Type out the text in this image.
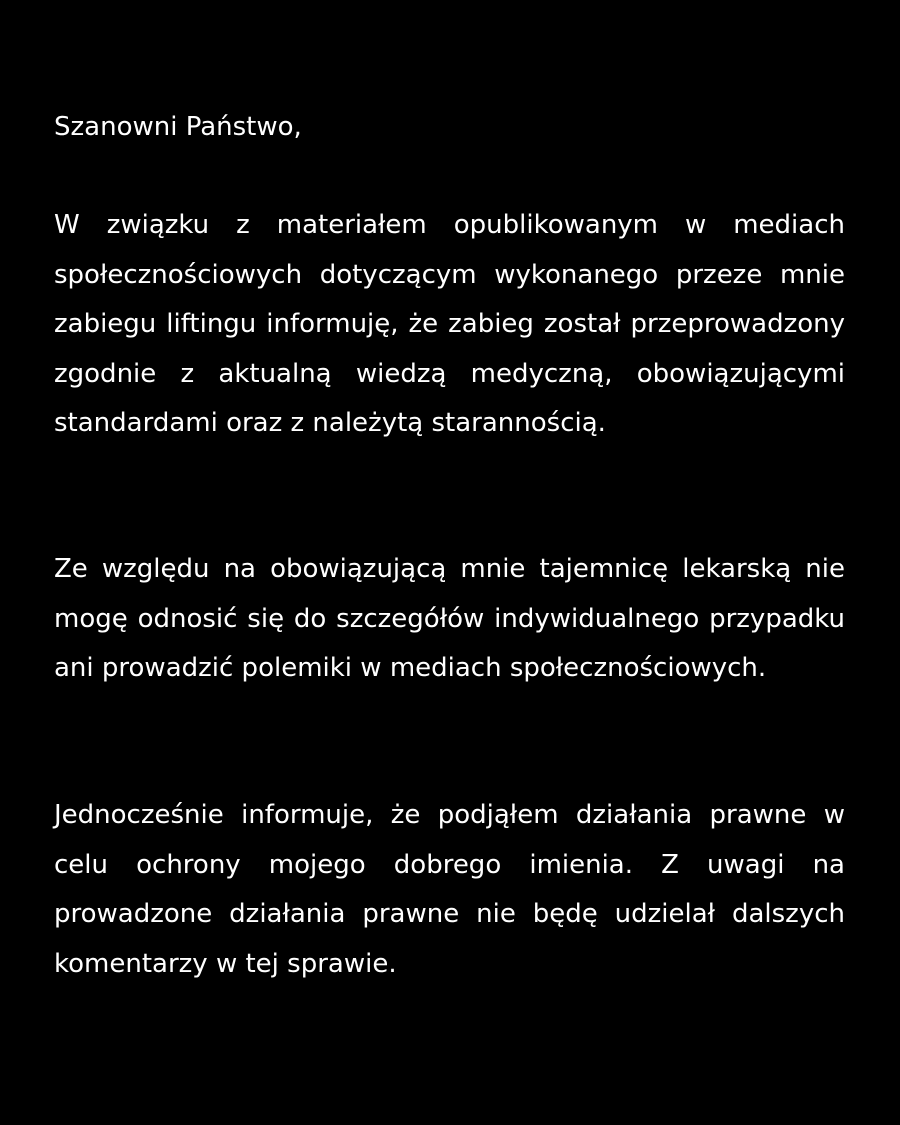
Szanowni Państwo,

W związku z materiałem opublikowanym w mediach społecznościowych dotyczącym wykonanego przeze mnie zabiegu liftingu informuję, że zabieg został przeprowadzony zgodnie z aktualną wiedzą medyczną, obowiązującymi standardami oraz z należytą starannością.

Ze względu na obowiązującą mnie tajemnicę lekarską nie mogę odnosić się do szczegółów indywidualnego przypadku ani prowadzić polemiki w mediach społecznościowych.

Jednocześnie informuje, że podjąłem działania prawne w celu ochrony mojego dobrego imienia. Z uwagi na prowadzone działania prawne nie będę udzielał dalszych komentarzy w tej sprawie.
